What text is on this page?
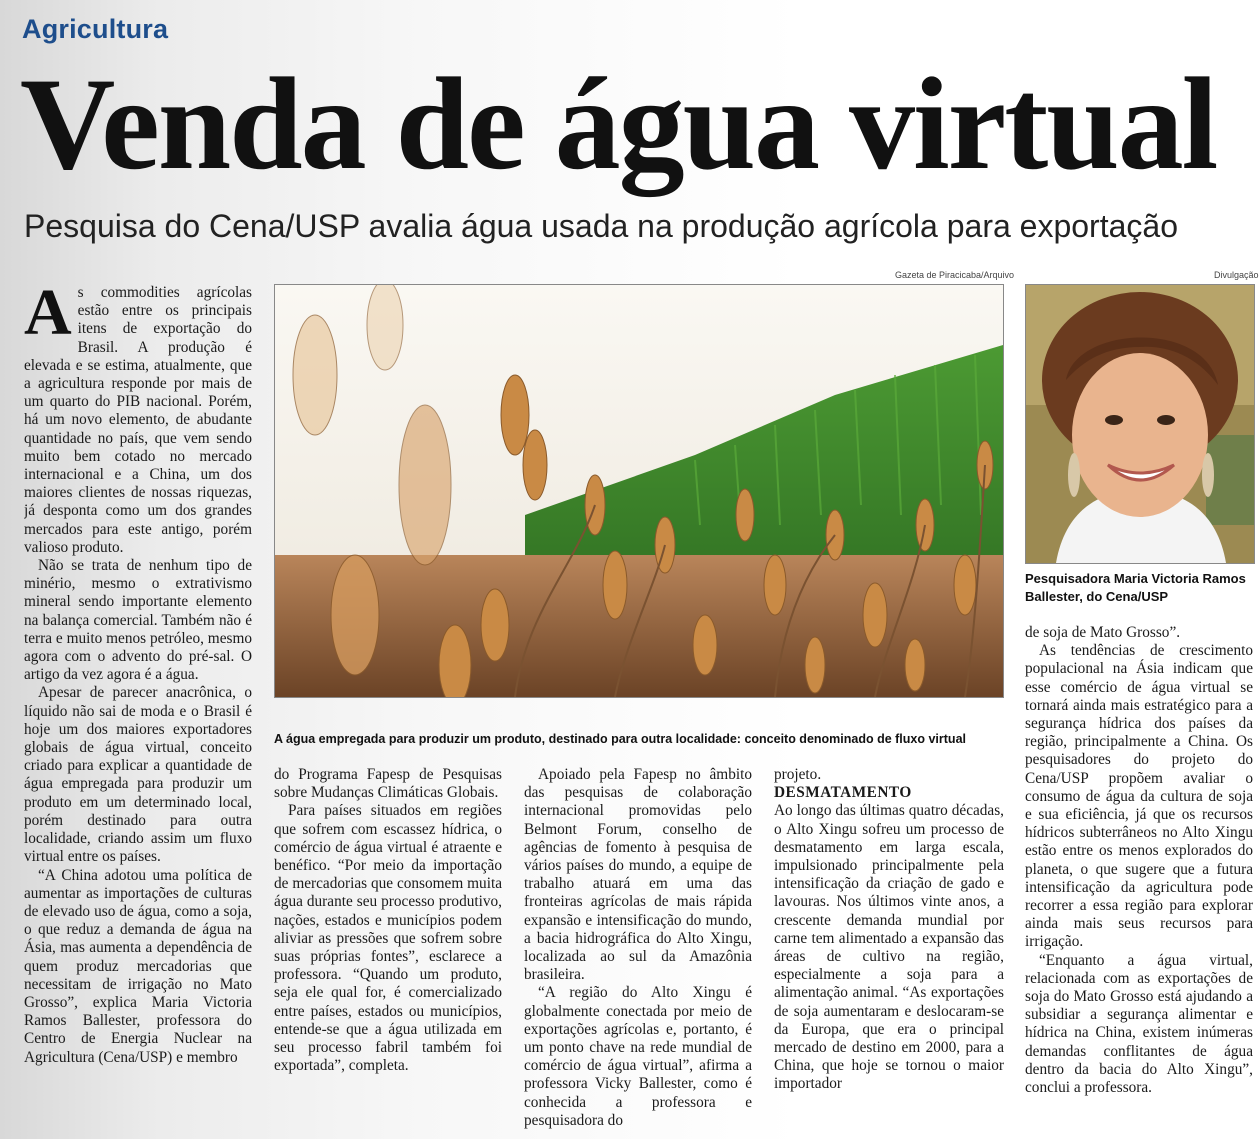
Agricultura
Venda de água virtual
Pesquisa do Cena/USP avalia água usada na produção agrícola para exportação
Gazeta de Piracicaba/Arquivo
A água empregada para produzir um produto, destinado para outra localidade: conceito denominado de fluxo virtual
Divulgação
Pesquisadora Maria Victoria Ramos Ballester, do Cena/USP
A s commodities agrícolas estão entre os principais itens de exportação do Brasil. A produção é elevada e se estima, atualmente, que a agricultura responde por mais de um quarto do PIB nacional. Porém, há um novo elemento, de abudante quantidade no país, que vem sendo muito bem cotado no mercado internacional e a China, um dos maiores clientes de nossas riquezas, já desponta como um dos grandes mercados para este antigo, porém valioso produto.

Não se trata de nenhum tipo de minério, mesmo o extrativismo mineral sendo importante elemento na balança comercial. Também não é terra e muito menos petróleo, mesmo agora com o advento do pré-sal. O artigo da vez agora é a água.

Apesar de parecer anacrônica, o líquido não sai de moda e o Brasil é hoje um dos maiores exportadores globais de água virtual, conceito criado para explicar a quantidade de água empregada para produzir um produto em um determinado local, porém destinado para outra localidade, criando assim um fluxo virtual entre os países.

“A China adotou uma política de aumentar as importações de culturas de elevado uso de água, como a soja, o que reduz a demanda de água na Ásia, mas aumenta a dependência de quem produz mercadorias que necessitam de irrigação no Mato Grosso”, explica Maria Victoria Ramos Ballester, professora do Centro de Energia Nuclear na Agricultura (Cena/USP) e membro

do Programa Fapesp de Pesquisas sobre Mudanças Climáticas Globais.

Para países situados em regiões que sofrem com escassez hídrica, o comércio de água virtual é atraente e benéfico. “Por meio da importação de mercadorias que consomem muita água durante seu processo produtivo, nações, estados e municípios podem aliviar as pressões que sofrem sobre suas próprias fontes”, esclarece a professora. “Quando um produto, seja ele qual for, é comercializado entre países, estados ou municípios, entende-se que a água utilizada em seu processo fabril também foi exportada”, completa.

Apoiado pela Fapesp no âmbito das pesquisas de colaboração internacional promovidas pelo Belmont Forum, conselho de agências de fomento à pesquisa de vários países do mundo, a equipe de trabalho atuará em uma das fronteiras agrícolas de mais rápida expansão e intensificação do mundo, a bacia hidrográfica do Alto Xingu, localizada ao sul da Amazônia brasileira.

“A região do Alto Xingu é globalmente conectada por meio de exportações agrícolas e, portanto, é um ponto chave na rede mundial de comércio de água virtual”, afirma a professora Vicky Ballester, como é conhecida a professora e pesquisadora do

projeto.

DESMATAMENTO

Ao longo das últimas quatro décadas, o Alto Xingu sofreu um processo de desmatamento em larga escala, impulsionado principalmente pela intensificação da criação de gado e lavouras. Nos últimos vinte anos, a crescente demanda mundial por carne tem alimentado a expansão das áreas de cultivo na região, especialmente a soja para a alimentação animal. “As exportações de soja aumentaram e deslocaram-se da Europa, que era o principal mercado de destino em 2000, para a China, que hoje se tornou o maior importador

de soja de Mato Grosso”.

As tendências de crescimento populacional na Ásia indicam que esse comércio de água virtual se tornará ainda mais estratégico para a segurança hídrica dos países da região, principalmente a China. Os pesquisadores do projeto do Cena/USP propõem avaliar o consumo de água da cultura de soja e sua eficiência, já que os recursos hídricos subterrâneos no Alto Xingu estão entre os menos explorados do planeta, o que sugere que a futura intensificação da agricultura pode recorrer a essa região para explorar ainda mais seus recursos para irrigação.

“Enquanto a água virtual, relacionada com as exportações de soja do Mato Grosso está ajudando a subsidiar a segurança alimentar e hídrica na China, existem inúmeras demandas conflitantes de água dentro da bacia do Alto Xingu”, conclui a professora.
